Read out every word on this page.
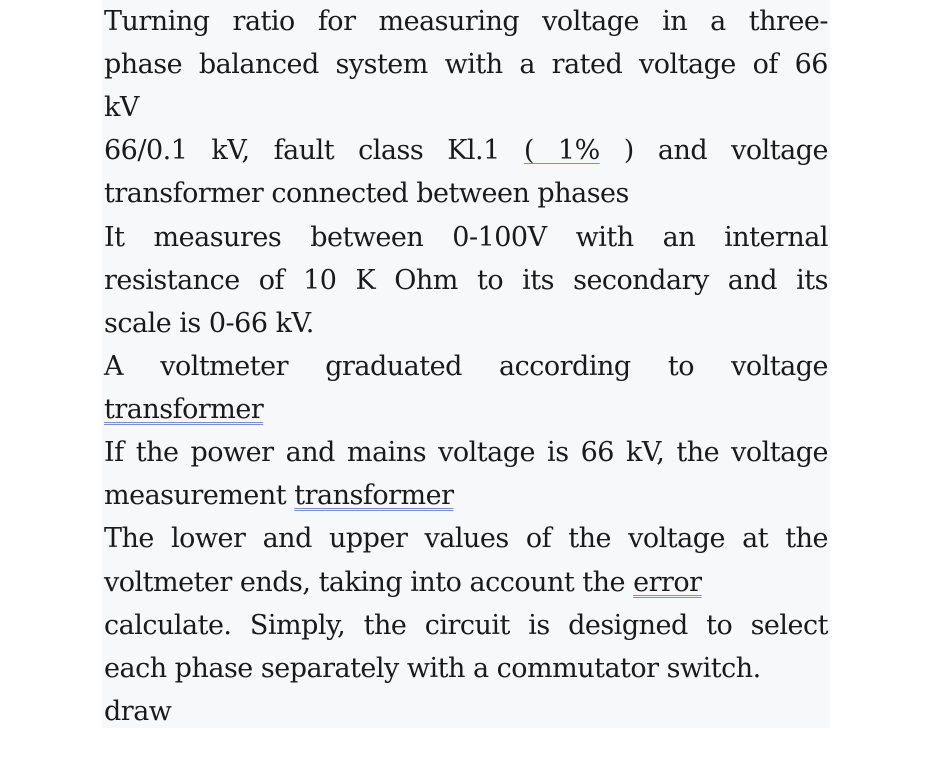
Turning ratio for measuring voltage in a three-
phase balanced system with a rated voltage of 66
kV
66/0.1 kV, fault class Kl.1 ( 1% ) and voltage
transformer connected between phases
It measures between 0-100V with an internal
resistance of 10 K Ohm to its secondary and its
scale is 0-66 kV.
A voltmeter graduated according to voltage
transformer
If the power and mains voltage is 66 kV, the voltage
measurement transformer
The lower and upper values of the voltage at the
voltmeter ends, taking into account the error
calculate. Simply, the circuit is designed to select
each phase separately with a commutator switch.
draw
